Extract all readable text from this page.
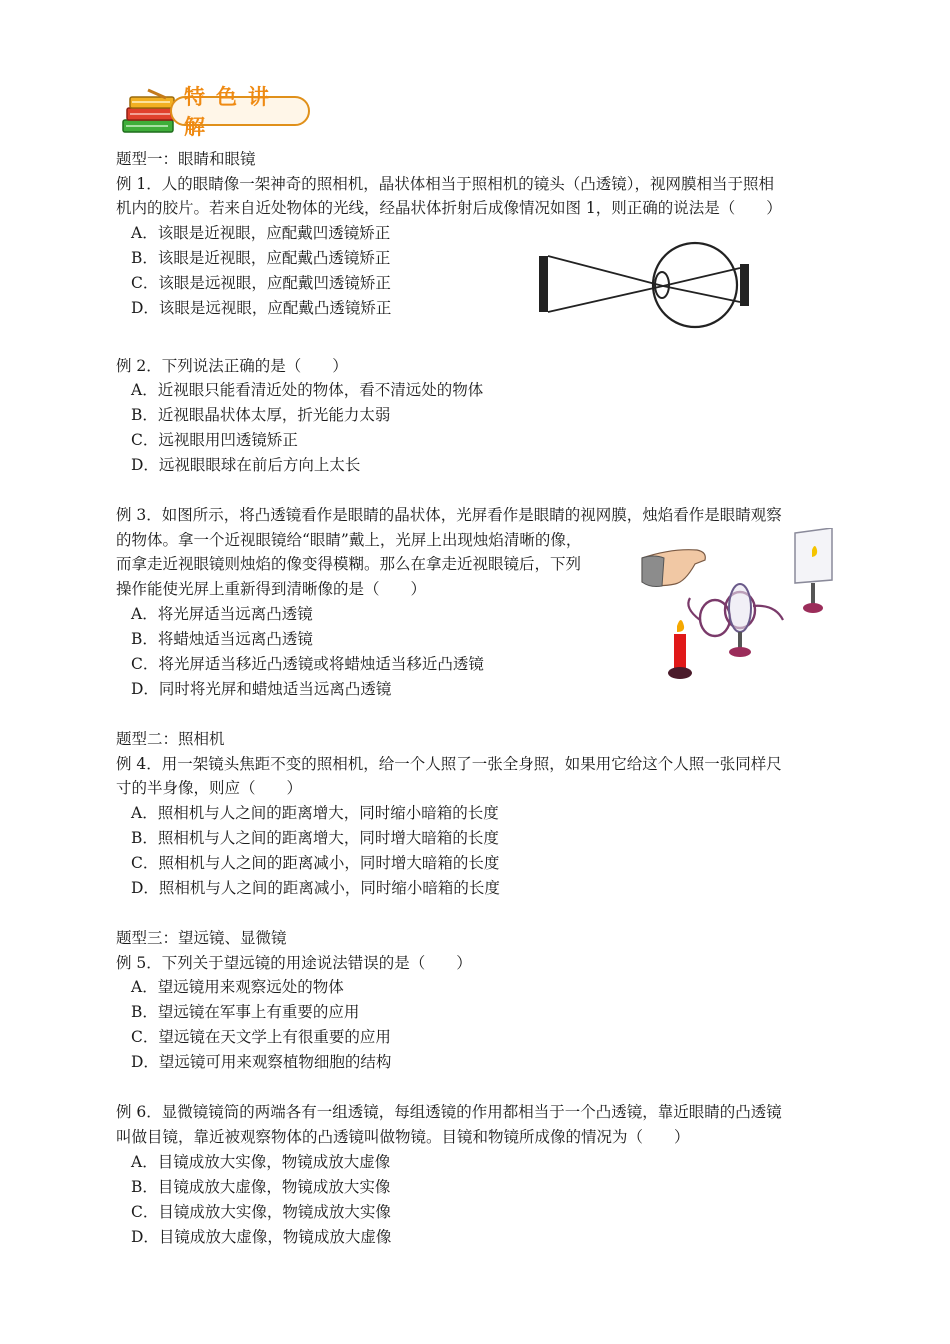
特色讲解
题型一：眼睛和眼镜
例 1．人的眼睛像一架神奇的照相机，晶状体相当于照相机的镜头（凸透镜），视网膜相当于照相
机内的胶片。若来自近处物体的光线，经晶状体折射后成像情况如图 1，则正确的说法是（　　）
A．该眼是近视眼，应配戴凹透镜矫正
B．该眼是近视眼，应配戴凸透镜矫正
C．该眼是远视眼，应配戴凹透镜矫正
D．该眼是远视眼，应配戴凸透镜矫正
例 2．下列说法正确的是（　　）
A．近视眼只能看清近处的物体，看不清远处的物体
B．近视眼晶状体太厚，折光能力太弱
C．远视眼用凹透镜矫正
D．远视眼眼球在前后方向上太长
例 3．如图所示，将凸透镜看作是眼睛的晶状体，光屏看作是眼睛的视网膜，烛焰看作是眼睛观察
的物体。拿一个近视眼镜给“眼睛”戴上，光屏上出现烛焰清晰的像，
而拿走近视眼镜则烛焰的像变得模糊。那么在拿走近视眼镜后，下列
操作能使光屏上重新得到清晰像的是（　　）
A．将光屏适当远离凸透镜
B．将蜡烛适当远离凸透镜
C．将光屏适当移近凸透镜或将蜡烛适当移近凸透镜
D．同时将光屏和蜡烛适当远离凸透镜
题型二：照相机
例 4．用一架镜头焦距不变的照相机，给一个人照了一张全身照，如果用它给这个人照一张同样尺
寸的半身像，则应（　　）
A．照相机与人之间的距离增大，同时缩小暗箱的长度
B．照相机与人之间的距离增大，同时增大暗箱的长度
C．照相机与人之间的距离减小，同时增大暗箱的长度
D．照相机与人之间的距离减小，同时缩小暗箱的长度
题型三：望远镜、显微镜
例 5．下列关于望远镜的用途说法错误的是（　　）
A．望远镜用来观察远处的物体
B．望远镜在军事上有重要的应用
C．望远镜在天文学上有很重要的应用
D．望远镜可用来观察植物细胞的结构
例 6．显微镜镜筒的两端各有一组透镜，每组透镜的作用都相当于一个凸透镜，靠近眼睛的凸透镜
叫做目镜，靠近被观察物体的凸透镜叫做物镜。目镜和物镜所成像的情况为（　　）
A．目镜成放大实像，物镜成放大虚像
B．目镜成放大虚像，物镜成放大实像
C．目镜成放大实像，物镜成放大实像
D．目镜成放大虚像，物镜成放大虚像
